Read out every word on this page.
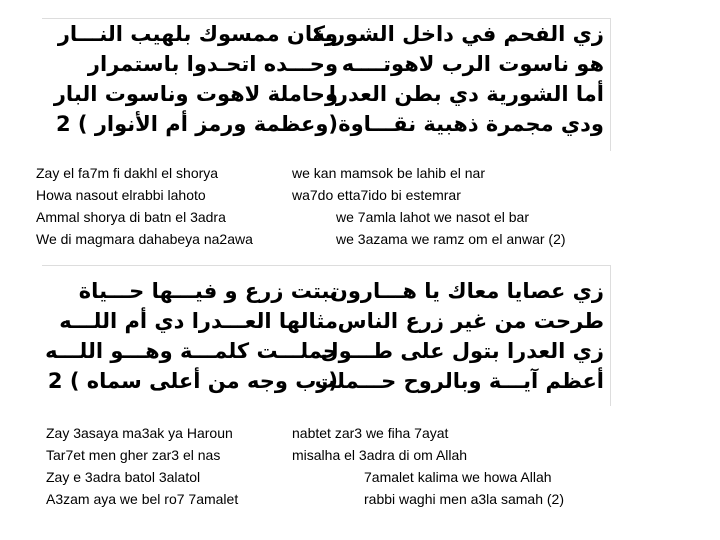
زي الفحم في داخل الشورية
هو ناسوت الرب لاهوتــــه
أما الشورية دي بطن العدرا
ودي مجمرة ذهبية نقـــاوة
وكان ممسوك بلهيب النـــار
وحـــده اتحـدوا باستمرار
وحاملة لاهوت وناسوت البار
(وعظمة ورمز أم الأنوار ) 2
Zay el fa7m fi dakhl el shorya
Howa nasout elrabbi lahoto
Ammal shorya di batn el 3adra
We di magmara dahabeya na2awa
we kan mamsok be lahib el nar
wa7do etta7ido bi estemrar
we 7amla lahot we nasot el bar
we 3azama we ramz om el anwar (2)
زي عصايا معاك يا هـــارون
طرحت من غير زرع الناس
زي العدرا بتول على طـــول
أعظم آيـــة وبالروح حـــملت
نبتت زرع و فيـــها حـــياة
مثالها العـــدرا دي أم اللـــه
حملـــت كلمـــة وهـــو اللـــه
(رب وجه من أعلى سماه ) 2
Zay 3asaya ma3ak ya Haroun
Tar7et men gher zar3 el nas
Zay e 3adra batol 3alatol
A3zam aya we bel ro7 7amalet
nabtet zar3 we fiha 7ayat
misalha el 3adra di om Allah
7amalet kalima we howa Allah
rabbi waghi men a3la samah (2)
